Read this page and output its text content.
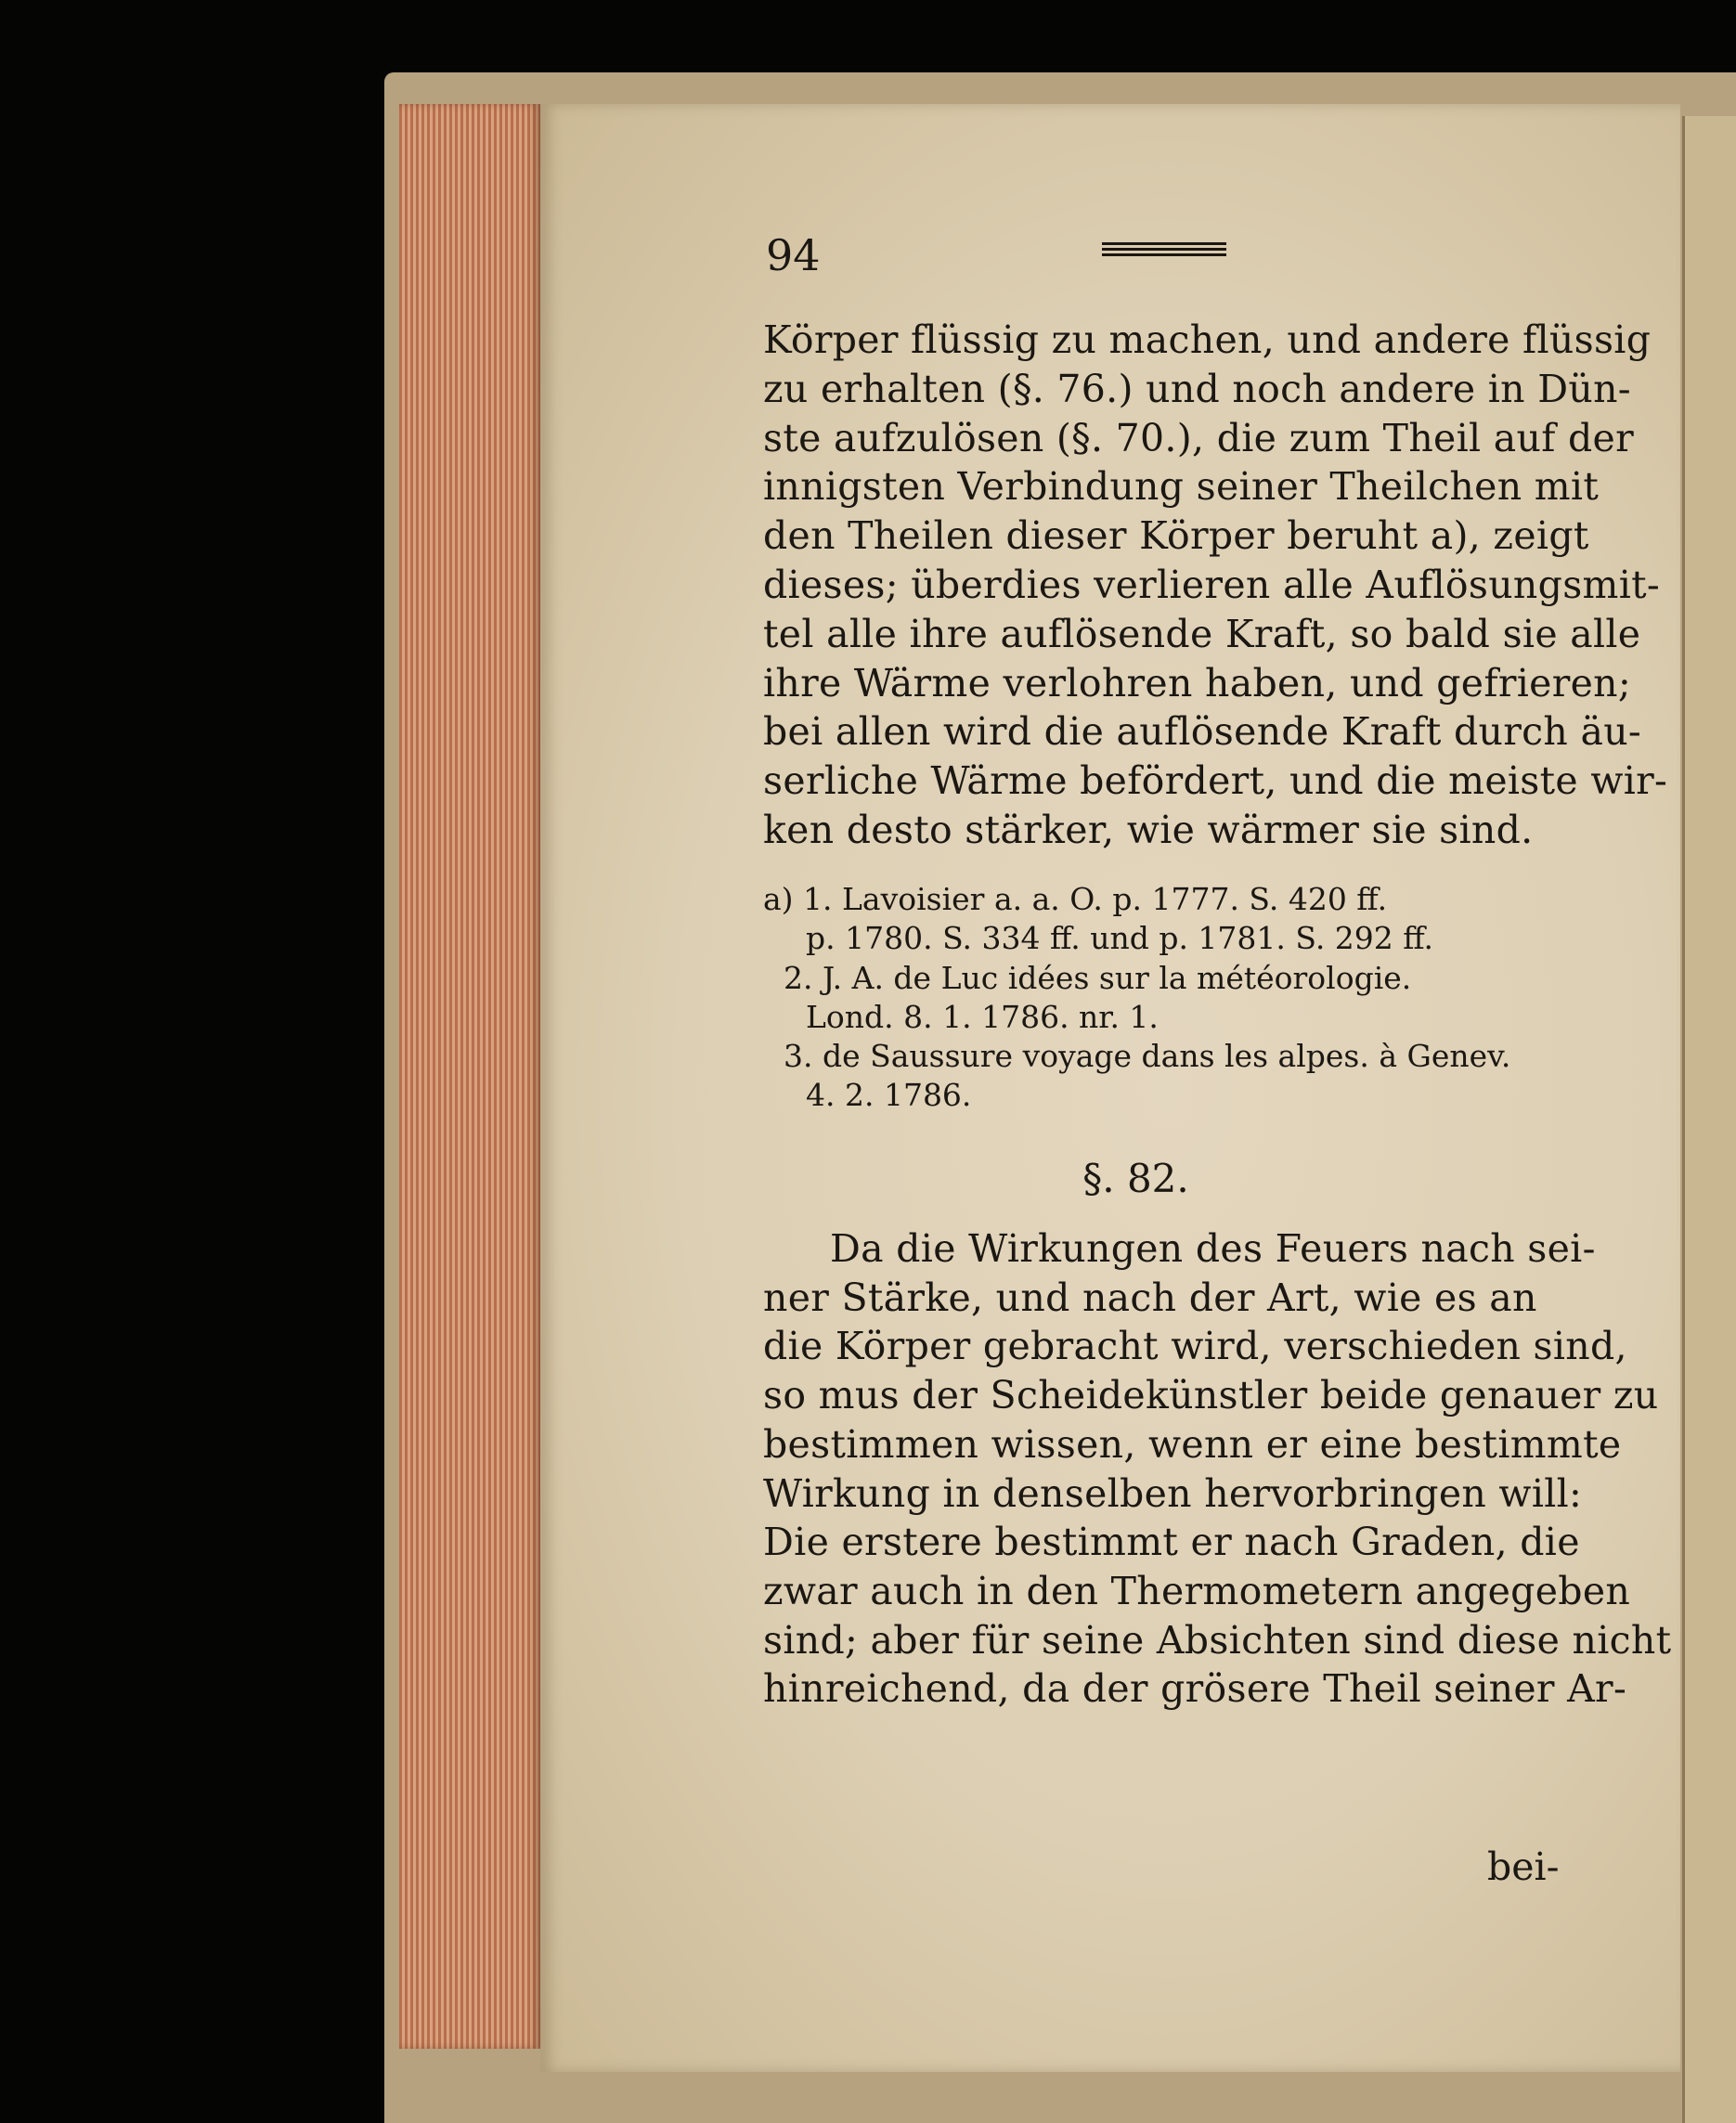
94
Körper flüssig zu machen, und andere flüssig
zu erhalten (§. 76.) und noch andere in Dün-
ste aufzulösen (§. 70.), die zum Theil auf der
innigsten Verbindung seiner Theilchen mit
den Theilen dieser Körper beruht a), zeigt
dieses; überdies verlieren alle Auflösungsmit-
tel alle ihre auflösende Kraft, so bald sie alle
ihre Wärme verlohren haben, und gefrieren;
bei allen wird die auflösende Kraft durch äu-
serliche Wärme befördert, und die meiste wir-
ken desto stärker, wie wärmer sie sind.
a) 1. Lavoisier a. a. O. p. 1777. S. 420 ff.
p. 1780. S. 334 ff. und p. 1781. S. 292 ff.
2. J. A. de Luc idées sur la météorologie.
Lond. 8. 1. 1786. nr. 1.
3. de Saussure voyage dans les alpes. à Genev.
4. 2. 1786.
§. 82.
Da die Wirkungen des Feuers nach sei-
ner Stärke, und nach der Art, wie es an
die Körper gebracht wird, verschieden sind,
so mus der Scheidekünstler beide genauer zu
bestimmen wissen, wenn er eine bestimmte
Wirkung in denselben hervorbringen will:
Die erstere bestimmt er nach Graden, die
zwar auch in den Thermometern angegeben
sind; aber für seine Absichten sind diese nicht
hinreichend, da der grösere Theil seiner Ar-
bei-
